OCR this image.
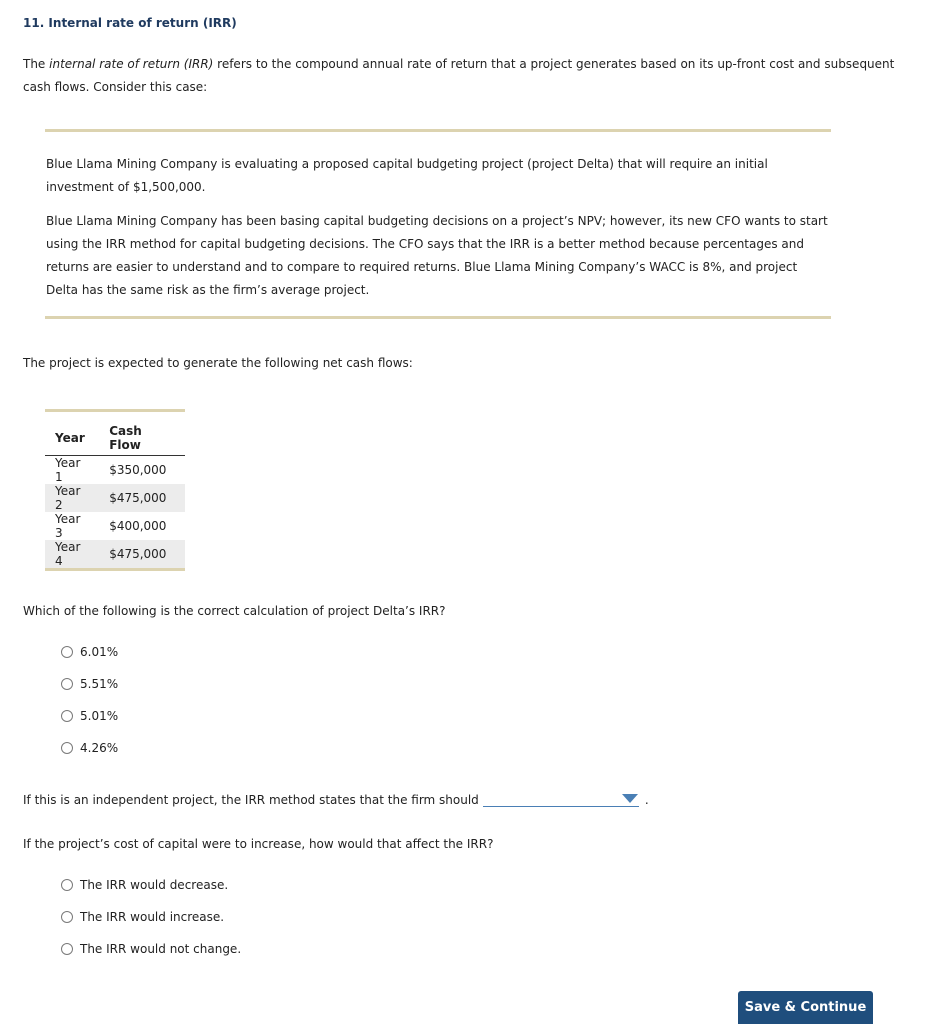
11. Internal rate of return (IRR)
The internal rate of return (IRR) refers to the compound annual rate of return that a project generates based on its up-front cost and subsequent cash flows. Consider this case:
Blue Llama Mining Company is evaluating a proposed capital budgeting project (project Delta) that will require an initial investment of $1,500,000.
Blue Llama Mining Company has been basing capital budgeting decisions on a project’s NPV; however, its new CFO wants to start using the IRR method for capital budgeting decisions. The CFO says that the IRR is a better method because percentages and returns are easier to understand and to compare to required returns. Blue Llama Mining Company’s WACC is 8%, and project Delta has the same risk as the firm’s average project.
The project is expected to generate the following net cash flows:
Year	Cash Flow
Year 1	$350,000
Year 2	$475,000
Year 3	$400,000
Year 4	$475,000
Which of the following is the correct calculation of project Delta’s IRR?
6.01%
5.51%
5.01%
4.26%
If this is an independent project, the IRR method states that the firm should	.
If the project’s cost of capital were to increase, how would that affect the IRR?
The IRR would decrease.
The IRR would increase.
The IRR would not change.
Save & Continue
